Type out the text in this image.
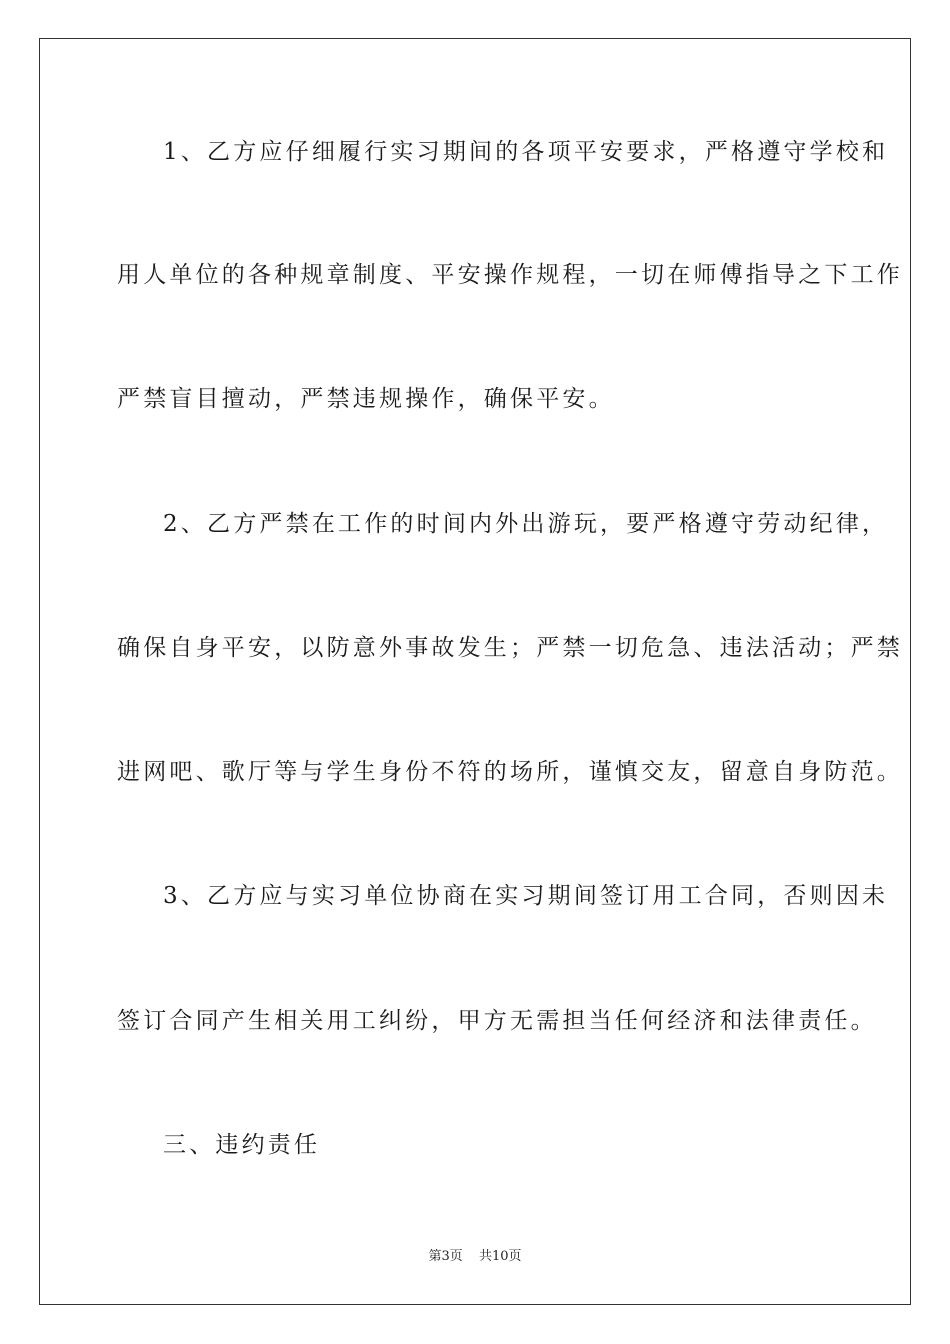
1、乙方应仔细履行实习期间的各项平安要求，严格遵守学校和
用人单位的各种规章制度、平安操作规程，一切在师傅指导之下工作
严禁盲目擅动，严禁违规操作，确保平安。
2、乙方严禁在工作的时间内外出游玩，要严格遵守劳动纪律，
确保自身平安，以防意外事故发生；严禁一切危急、违法活动；严禁
进网吧、歌厅等与学生身份不符的场所，谨慎交友，留意自身防范。
3、乙方应与实习单位协商在实习期间签订用工合同，否则因未
签订合同产生相关用工纠纷，甲方无需担当任何经济和法律责任。
三、违约责任
第3页 共10页
